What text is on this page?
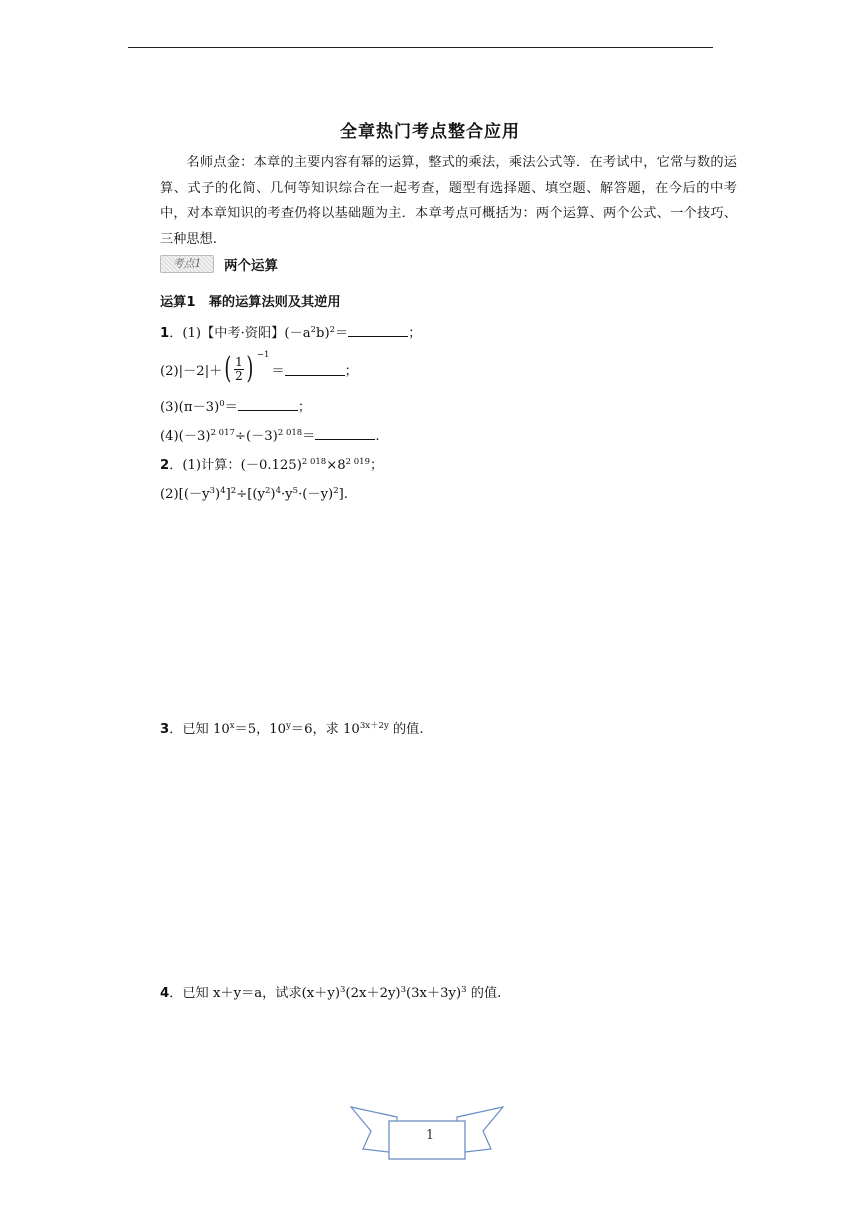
全章热门考点整合应用
名师点金：本章的主要内容有幂的运算，整式的乘法，乘法公式等．在考试中，它常与数的运算、式子的化简、几何等知识综合在一起考查，题型有选择题、填空题、解答题，在今后的中考中，对本章知识的考查仍将以基础题为主．本章考点可概括为：两个运算、两个公式、一个技巧、三种思想.
考点1	两个运算
运算1　幂的运算法则及其逆用
1．(1)【中考·资阳】$(-a^2b)^2=$	；
(2)|－2|＋ ( $\frac{1}{2}$ ) −1
＝	；
$(3)(\pi-3)^0=$	；
$(4)(-3)^{2 017}\div(-3)^{2 018}=$	.
2．(1)计算：$(-0.125)^{2 018}\times 8^{2 019}$；
$(2)[(-y^3)^4]^2\div[(y^2)^4\cdot y^5\cdot(-y)^2]$.
3．已知 $10^x=5$，$10^y=6$，求 $10^{3x+2y}$ 的值.
4．已知 x＋y＝a，试求$(x+y)^3(2x+2y)^3(3x+3y)^3$ 的值.
1
